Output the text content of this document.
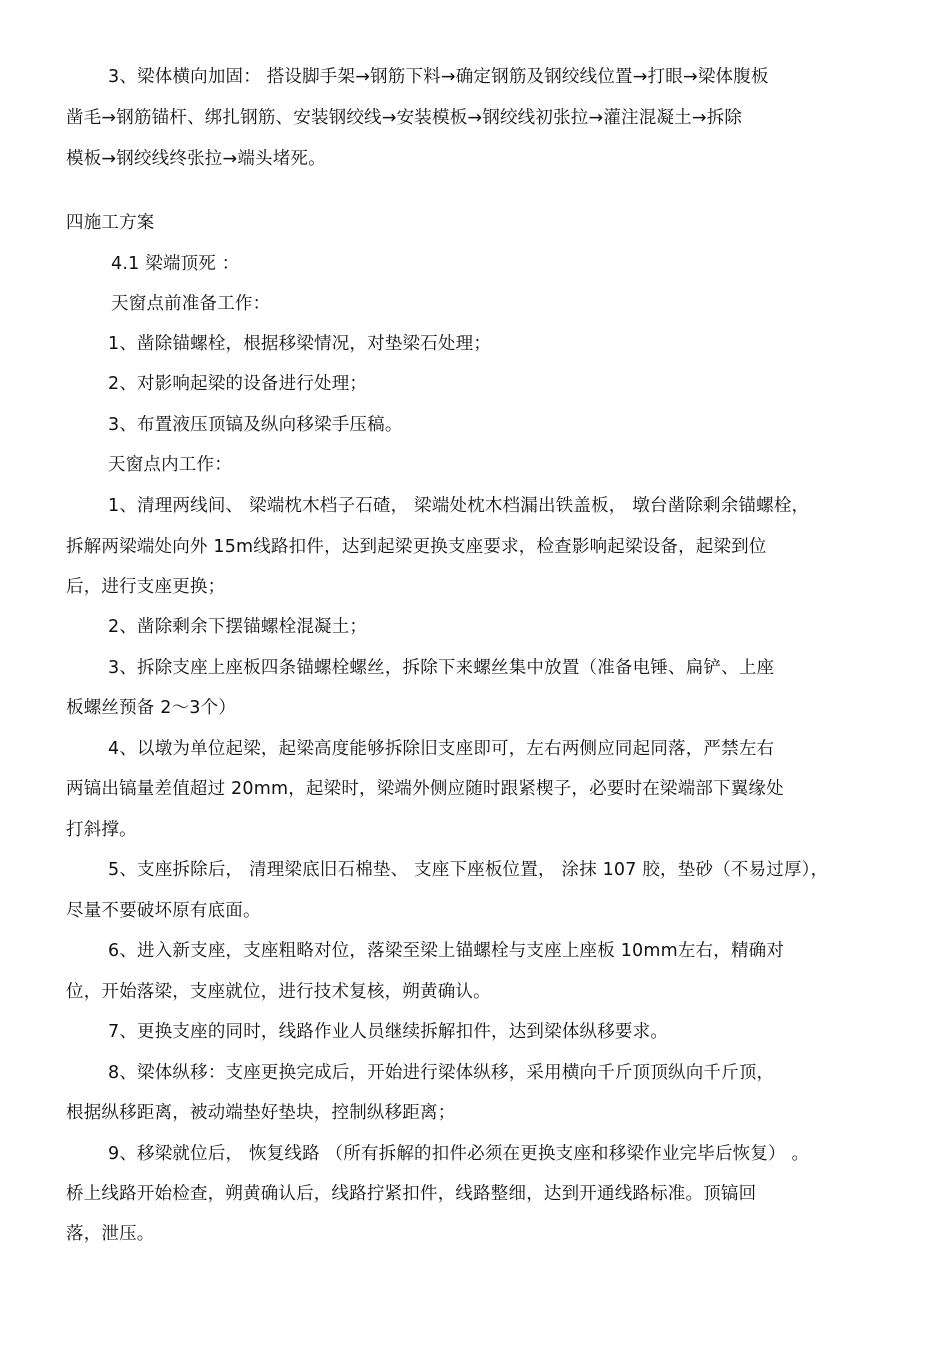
3、梁体横向加固： 搭设脚手架→钢筋下料→确定钢筋及钢绞线位置→打眼→梁体腹板
凿毛→钢筋锚杆、绑扎钢筋、安装钢绞线→安装模板→钢绞线初张拉→灌注混凝土→拆除
模板→钢绞线终张拉→端头堵死。
四施工方案
4.1 梁端顶死 ：
天窗点前准备工作：
1、凿除锚螺栓，根据移梁情况，对垫梁石处理；
2、对影响起梁的设备进行处理；
3、布置液压顶镐及纵向移梁手压稿。
天窗点内工作：
1、清理两线间、 梁端枕木档子石碴， 梁端处枕木档漏出铁盖板， 墩台凿除剩余锚螺栓，
拆解两梁端处向外 15m线路扣件，达到起梁更换支座要求，检查影响起梁设备，起梁到位
后，进行支座更换；
2、凿除剩余下摆锚螺栓混凝土；
3、拆除支座上座板四条锚螺栓螺丝，拆除下来螺丝集中放置（准备电锤、扁铲、上座
板螺丝预备 2～3个）
4、以墩为单位起梁，起梁高度能够拆除旧支座即可，左右两侧应同起同落，严禁左右
两镐出镐量差值超过 20mm，起梁时，梁端外侧应随时跟紧楔子，必要时在梁端部下翼缘处
打斜撑。
5、支座拆除后， 清理梁底旧石棉垫、 支座下座板位置， 涂抹 107 胶，垫砂（不易过厚），
尽量不要破坏原有底面。
6、进入新支座，支座粗略对位，落梁至梁上锚螺栓与支座上座板 10mm左右，精确对
位，开始落梁，支座就位，进行技术复核，朔黄确认。
7、更换支座的同时，线路作业人员继续拆解扣件，达到梁体纵移要求。
8、梁体纵移：支座更换完成后，开始进行梁体纵移，采用横向千斤顶顶纵向千斤顶，
根据纵移距离，被动端垫好垫块，控制纵移距离；
9、移梁就位后， 恢复线路 （所有拆解的扣件必须在更换支座和移梁作业完毕后恢复） 。
桥上线路开始检查，朔黄确认后，线路拧紧扣件，线路整细，达到开通线路标准。顶镐回
落，泄压。
